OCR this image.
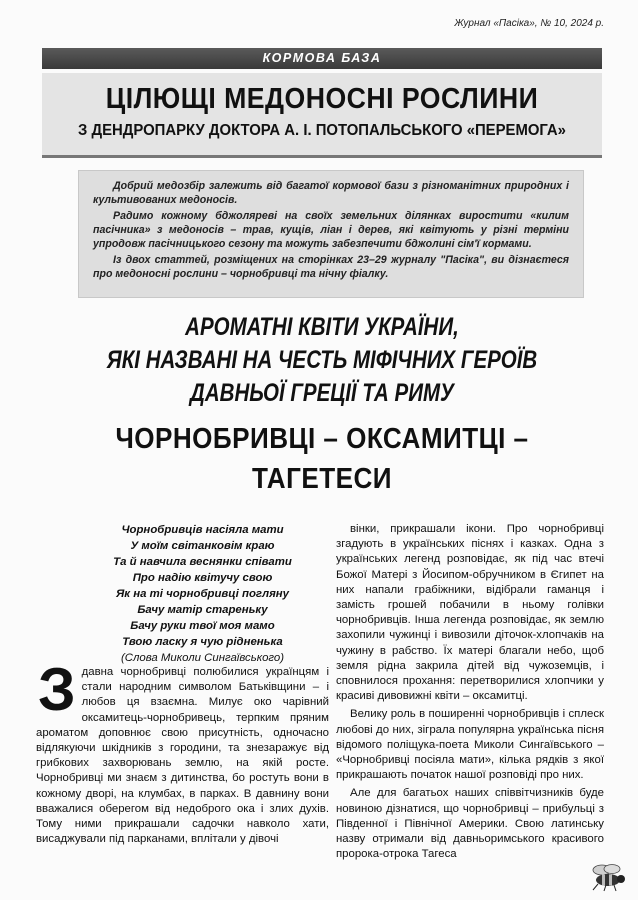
Журнал «Пасіка», № 10, 2024 р.
КОРМОВА БАЗА
ЦІЛЮЩІ МЕДОНОСНІ РОСЛИНИ
З ДЕНДРОПАРКУ ДОКТОРА А. І. ПОТОПАЛЬСЬКОГО «ПЕРЕМОГА»

Добрий медозбір залежить від багатої кормової бази з різноманітних природних і культивованих медоносів.

Радимо кожному бджоляреві на своїх земельних ділянках виростити «килим пасічника» з медоносів – трав, кущів, ліан і дерев, які квітують у різні терміни упродовж пасічницького сезону та можуть забезпечити бджолині сім'ї кормами.

Із двох статтей, розміщених на сторінках 23–29 журналу "Пасіка", ви дізнаєтеся про медоносні рослини – чорнобривці та нічну фіалку.

АРОМАТНІ КВІТИ УКРАЇНИ,
ЯКІ НАЗВАНІ НА ЧЕСТЬ МІФІЧНИХ ГЕРОЇВ
ДАВНЬОЇ ГРЕЦІЇ ТА РИМУ
ЧОРНОБРИВЦІ – ОКСАМИТЦІ –
ТАГЕТЕСИ
Чорнобривців насіяла мати
У моїм світанковім краю
Та й навчила веснянки співати
Про надію квітучу свою
Як на ті чорнобривці погляну
Бачу матір стареньку
Бачу руки твої моя мамо
Твою ласку я чую рідненька
(Слова Миколи Сингаївського)

Здавна чорнобривці полюбилися українцям і стали народним символом Батьківщини – і любов ця взаємна. Милує око чарівний оксамитець-чорнобривець, терпким пряним ароматом доповнює свою присутність, одночасно відлякуючи шкідників з городини, та знезаражує від грибкових захворювань землю, на якій росте. Чорнобривці ми знаєм з дитинства, бо ростуть вони в кожному дворі, на клумбах, в парках. В давнину вони вважалися оберегом від недоброго ока і злих духів. Тому ними прикрашали садочки навколо хати, висаджували під парканами, вплітали у дівочі

вінки, прикрашали ікони. Про чорнобривці згадують в українських піснях і казках. Одна з українських легенд розповідає, як під час втечі Божої Матері з Йосипом-обручником в Єгипет на них напали грабіжники, відібрали гаманця і замість грошей побачили в ньому голівки чорнобривців. Інша легенда розповідає, як землю захопили чужинці і вивозили діточок-хлопчаків на чужину в рабство. Їх матері благали небо, щоб земля рідна закрила дітей від чужоземців, і сповнилося прохання: перетворилися хлопчики у красиві дивовижні квіти – оксамитці.

Велику роль в поширенні чорнобривців і сплеск любові до них, зіграла популярна українська пісня відомого поліщука-поета Миколи Сингаївського – «Чорнобривці посіяла мати», кілька рядків з якої прикрашають початок нашої розповіді про них.

Але для багатьох наших співвітчизників буде новиною дізнатися, що чорнобривці – прибульці з Південної і Північної Америки. Свою латинську назву отримали від давньоримського красивого пророка-отрока Тагеса
